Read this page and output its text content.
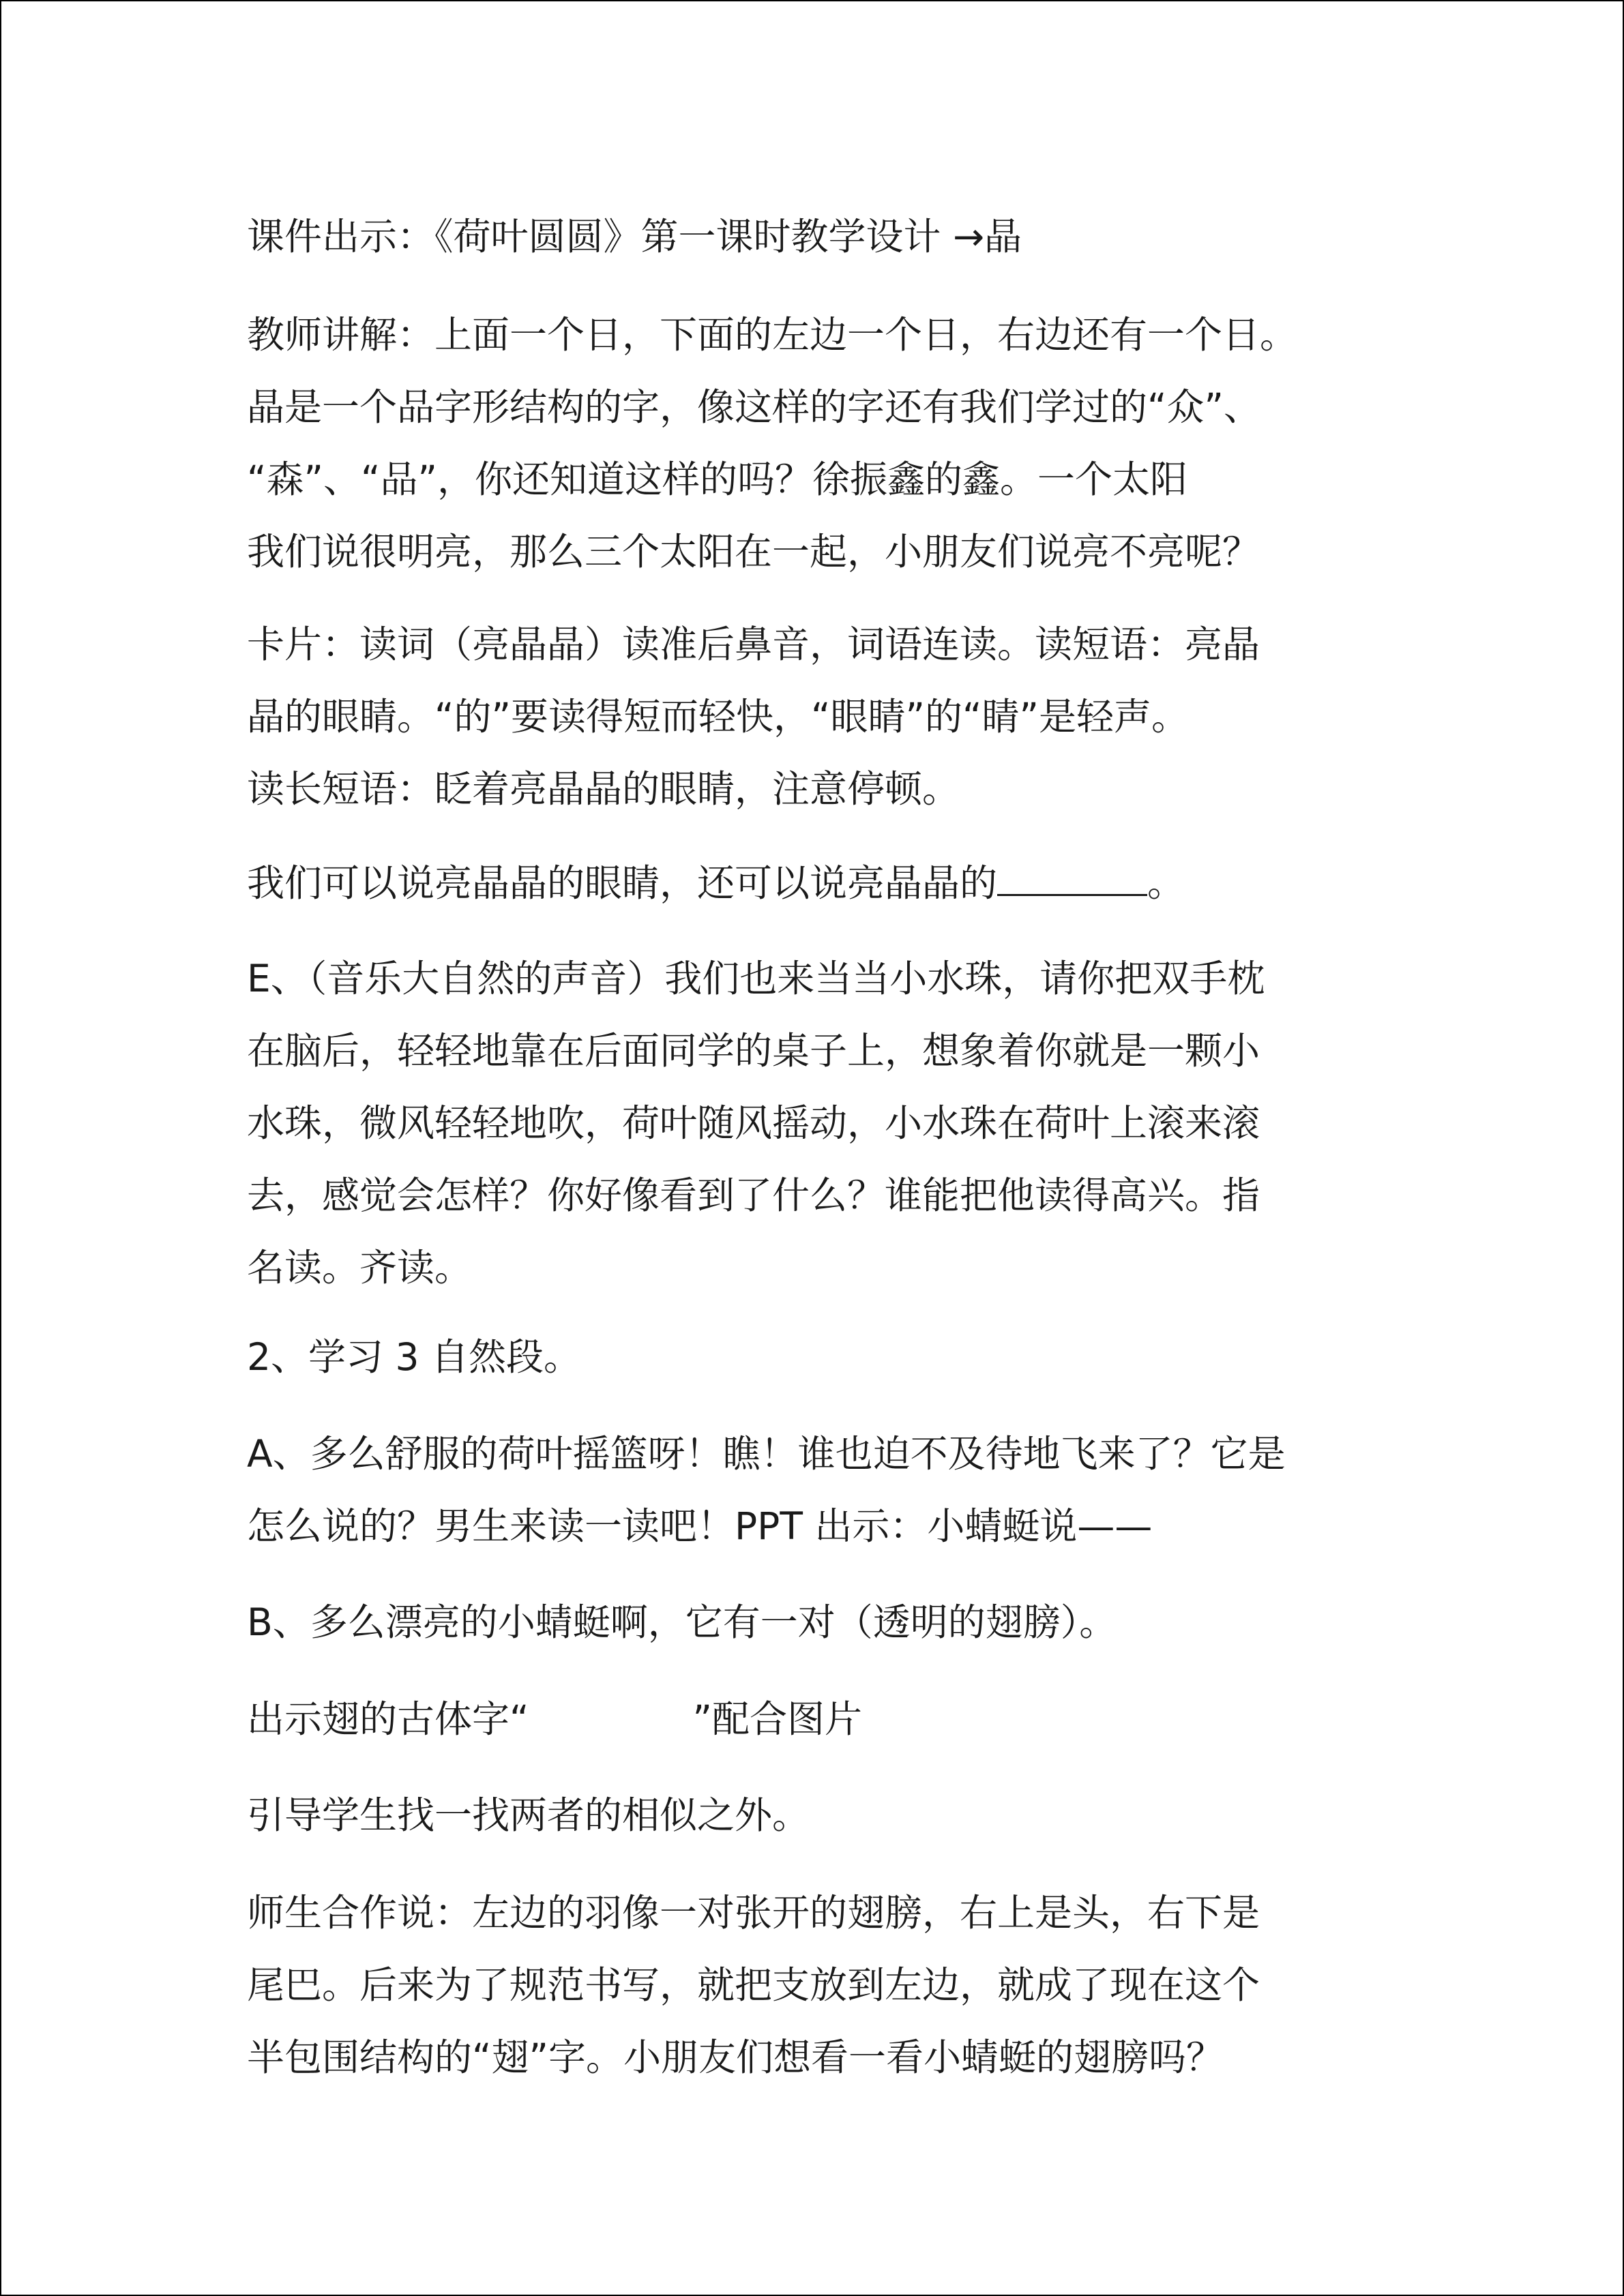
课件出示：《荷叶圆圆》第一课时教学设计 →晶
教师讲解：上面一个日，下面的左边一个日，右边还有一个日。
晶是一个品字形结构的字，像这样的字还有我们学过的“众”、
“森”、“品”，你还知道这样的吗？徐振鑫的鑫。一个太阳
我们说很明亮，那么三个太阳在一起，小朋友们说亮不亮呢？
卡片：读词（亮晶晶）读准后鼻音，词语连读。读短语：亮晶
晶的眼睛。“的”要读得短而轻快，“眼睛”的“睛”是轻声。
读长短语：眨着亮晶晶的眼睛，注意停顿。
我们可以说亮晶晶的眼睛，还可以说亮晶晶的	。
E、（音乐大自然的声音）我们也来当当小水珠，请你把双手枕
在脑后，轻轻地靠在后面同学的桌子上，想象着你就是一颗小
水珠，微风轻轻地吹，荷叶随风摇动，小水珠在荷叶上滚来滚
去，感觉会怎样？你好像看到了什么？谁能把他读得高兴。指
名读。齐读。
2、学习 3 自然段。
A、多么舒服的荷叶摇篮呀！瞧！谁也迫不及待地飞来了？它是
怎么说的？男生来读一读吧！PPT 出示：小蜻蜓说——
B、多么漂亮的小蜻蜓啊，它有一对（透明的翅膀）。
出示翅的古体字“	”配合图片
引导学生找一找两者的相似之外。
师生合作说：左边的羽像一对张开的翅膀，右上是头，右下是
尾巴。后来为了规范书写，就把支放到左边，就成了现在这个
半包围结构的“翅”字。小朋友们想看一看小蜻蜓的翅膀吗？
